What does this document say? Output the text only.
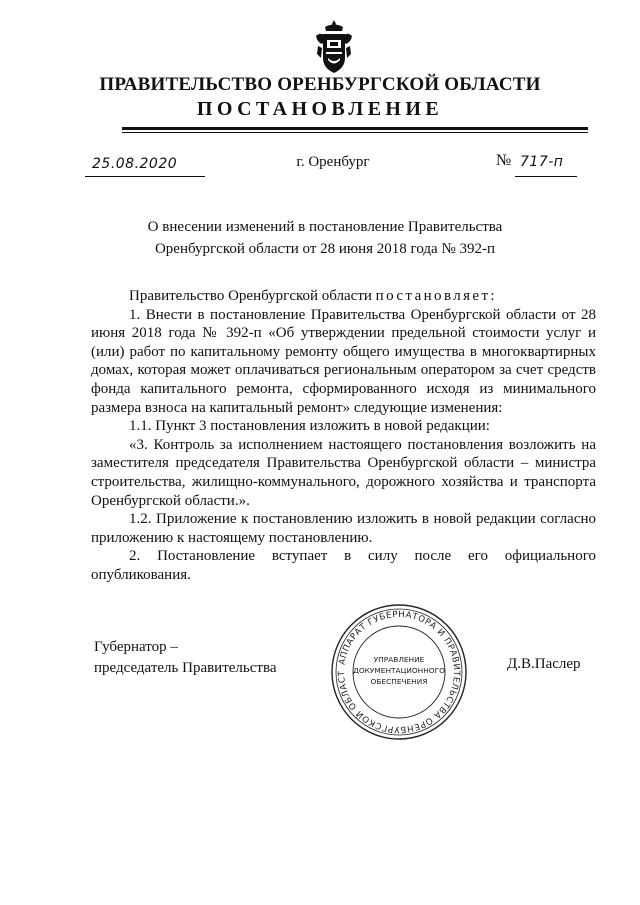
ПРАВИТЕЛЬСТВО ОРЕНБУРГСКОЙ ОБЛАСТИ
ПОСТАНОВЛЕНИЕ
25.08.2020	г. Оренбург	№ 717-п
О внесении изменений в постановление Правительства
Оренбургской области от 28 июня 2018 года № 392-п

Правительство Оренбургской области постановляет:

1. Внести в постановление Правительства Оренбургской области от 28 июня 2018 года № 392-п «Об утверждении предельной стоимости услуг и (или) работ по капитальному ремонту общего имущества в многоквартирных домах, которая может оплачиваться региональным оператором за счет средств фонда капитального ремонта, сформированного исходя из минимального размера взноса на капитальный ремонт» следующие изменения:

1.1. Пункт 3 постановления изложить в новой редакции:

«3. Контроль за исполнением настоящего постановления возложить на заместителя председателя Правительства Оренбургской области – министра строительства, жилищно-коммунального, дорожного хозяйства и транспорта Оренбургской области.».

1.2. Приложение к постановлению изложить в новой редакции согласно приложению к настоящему постановлению.

2. Постановление вступает в силу после его официального опубликования.

Губернатор –
председатель Правительства	Д.В.Паслер
АППАРАТ ГУБЕРНАТОРА И ПРАВИТЕЛЬСТВА ОРЕНБУРГСКОЙ ОБЛАСТ
УПРАВЛЕНИЕ
ДОКУМЕНТАЦИОННОГО
ОБЕСПЕЧЕНИЯ
